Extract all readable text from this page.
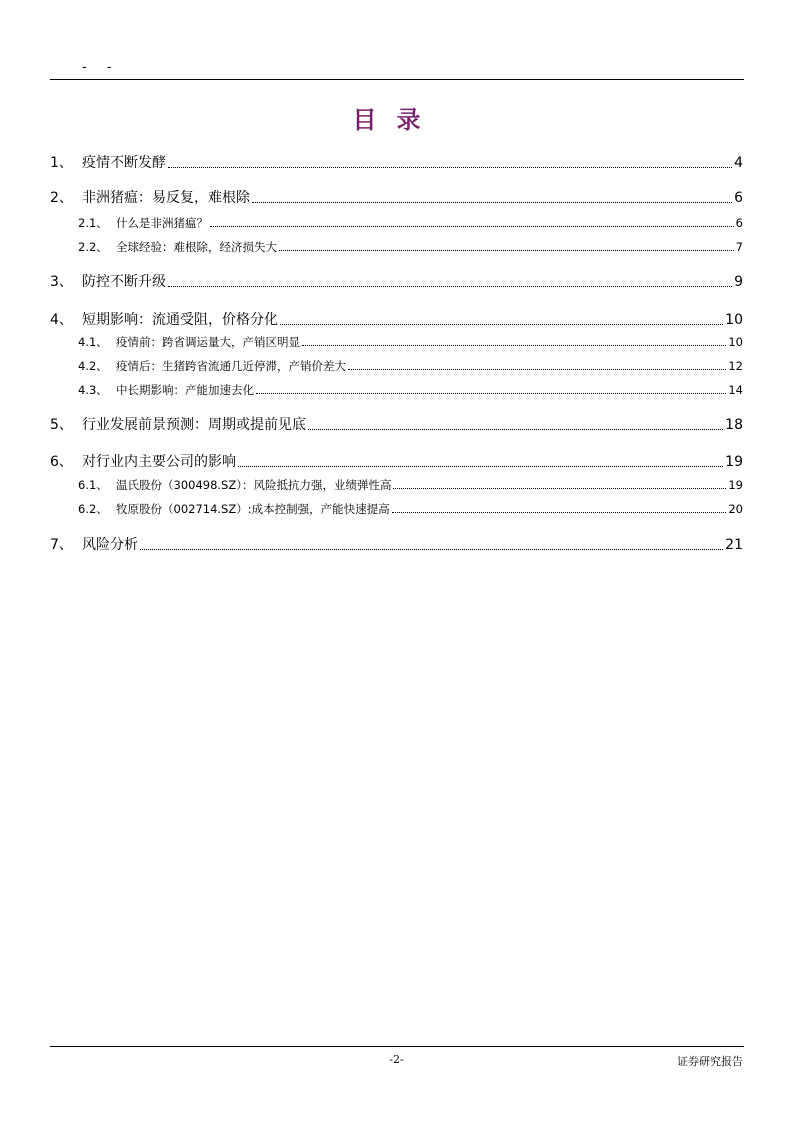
- -
目录
1、 疫情不断发酵	4
2、 非洲猪瘟：易反复，难根除	6
2.1、 什么是非洲猪瘟？	6
2.2、 全球经验：难根除，经济损失大	7
3、 防控不断升级	9
4、 短期影响：流通受阻，价格分化	10
4.1、 疫情前：跨省调运量大，产销区明显	10
4.2、 疫情后：生猪跨省流通几近停滞，产销价差大	12
4.3、 中长期影响：产能加速去化	14
5、 行业发展前景预测：周期或提前见底	18
6、 对行业内主要公司的影响	19
6.1、 温氏股份（300498.SZ）：风险抵抗力强，业绩弹性高	19
6.2、 牧原股份（002714.SZ）:成本控制强，产能快速提高	20
7、 风险分析	21
-2-	证券研究报告
